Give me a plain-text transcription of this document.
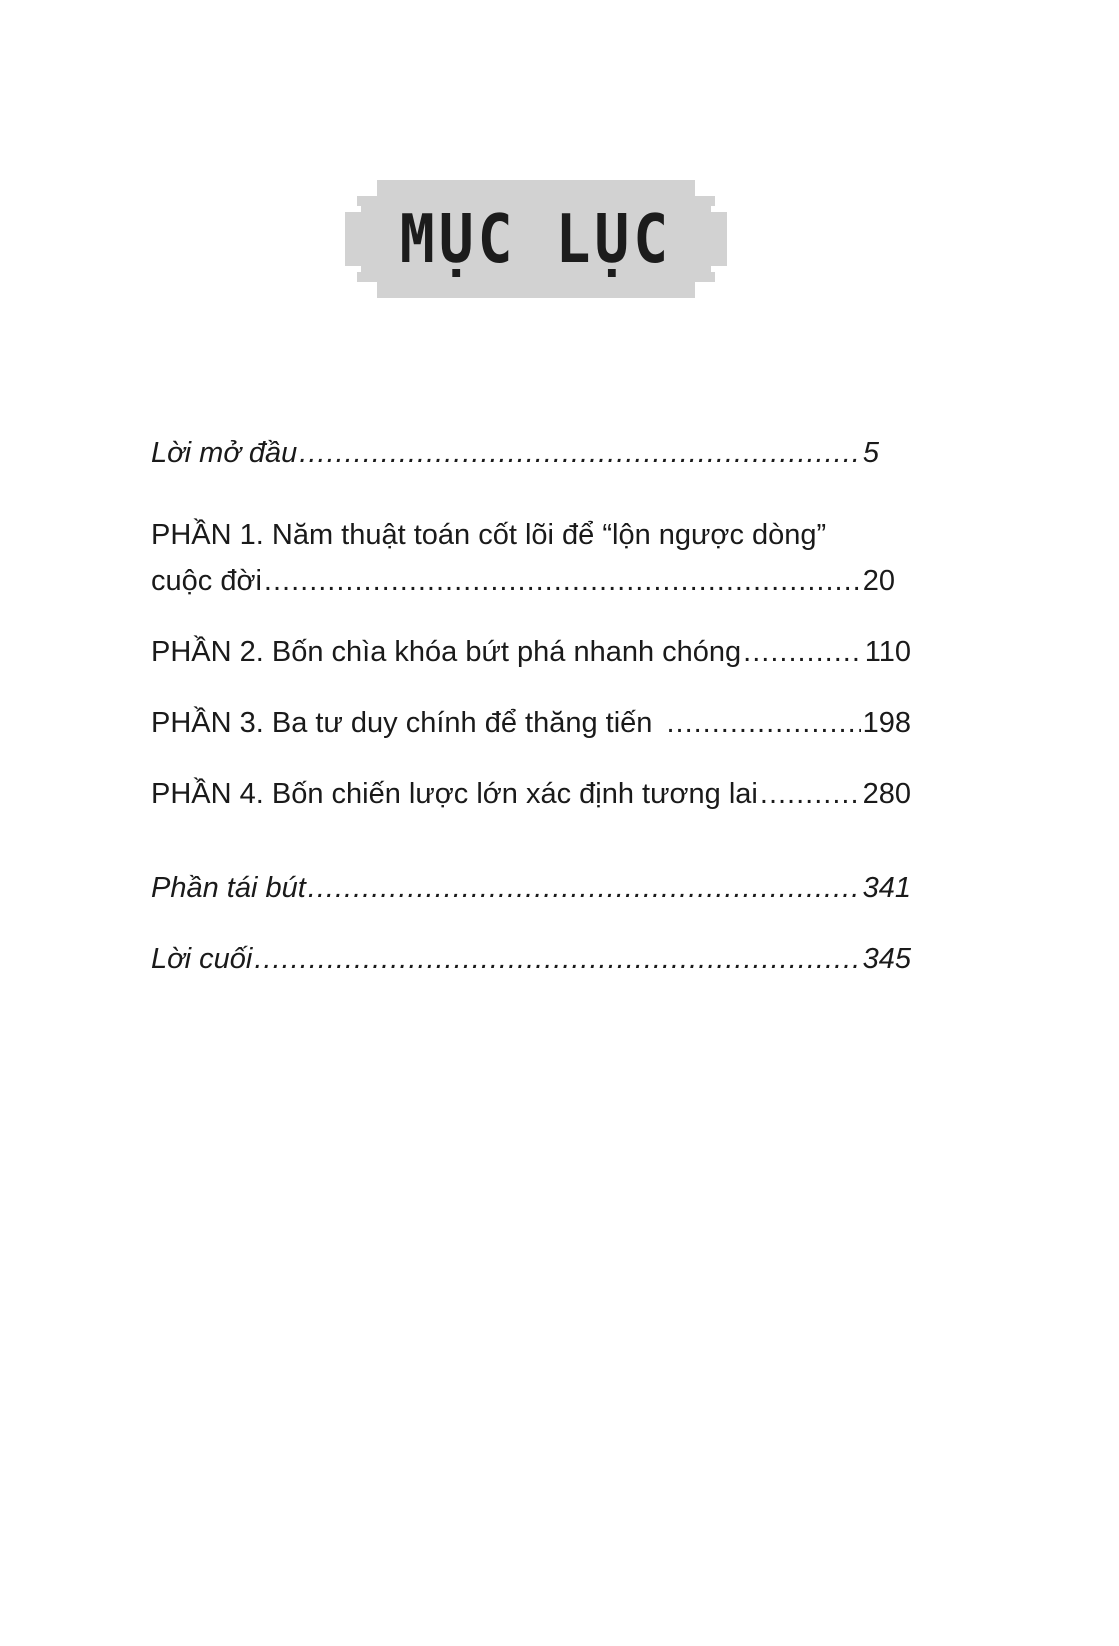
MỤC LỤC
Lời mở đầu .....	5
PHẦN 1. Năm thuật toán cốt lõi để “lộn ngược dòng”
cuộc đời .....	20
PHẦN 2. Bốn chìa khóa bứt phá nhanh chóng .....	110
PHẦN 3. Ba tư duy chính để thăng tiến .....	198
PHẦN 4. Bốn chiến lược lớn xác định tương lai .....	280
Phần tái bút .....	341
Lời cuối .....	345
